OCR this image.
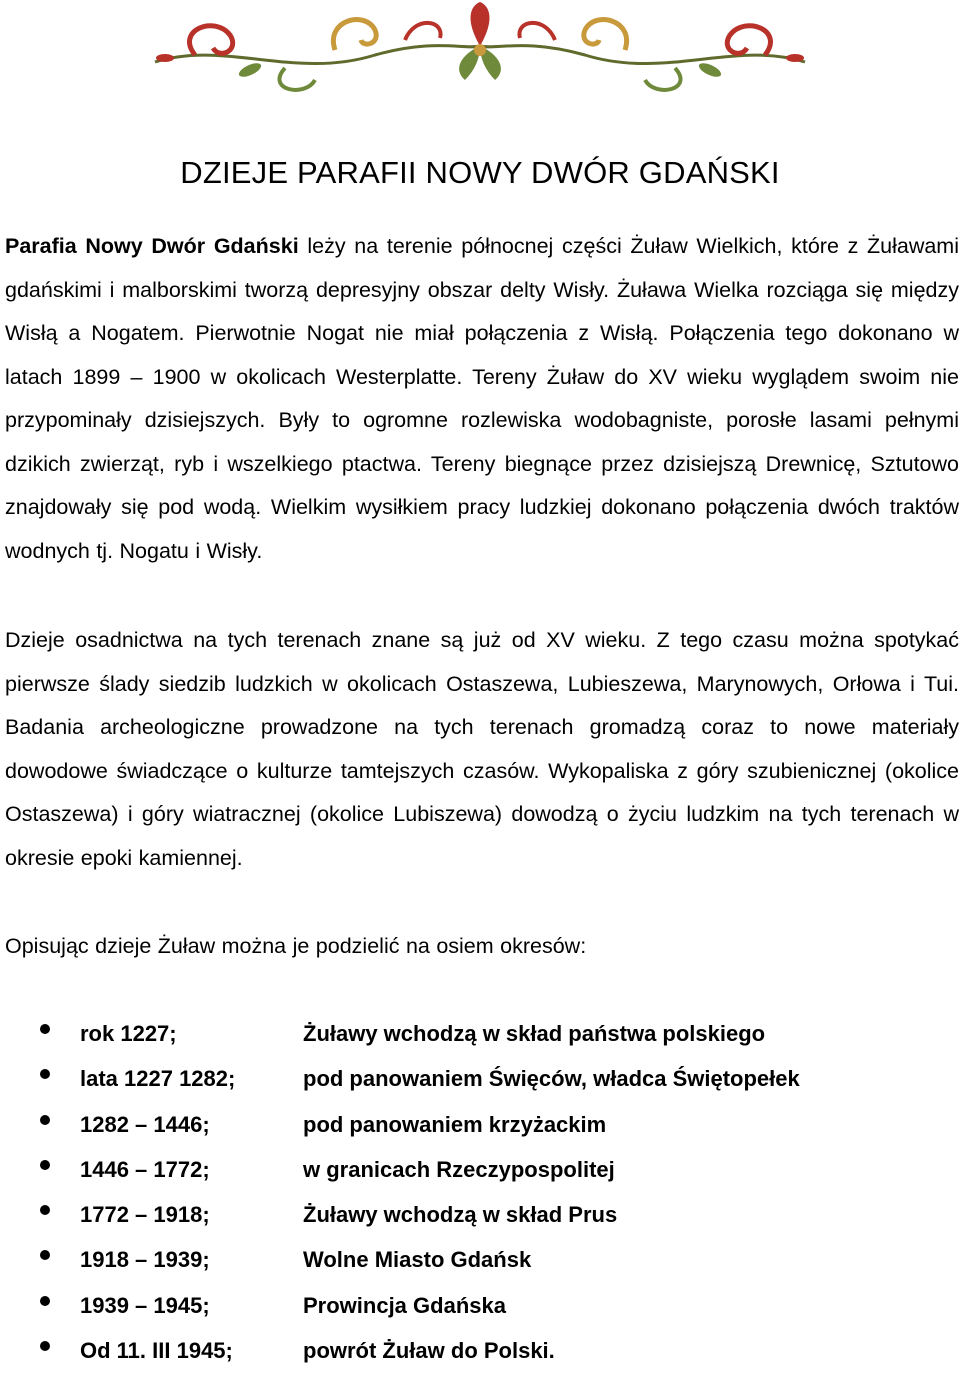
DZIEJE PARAFII NOWY DWÓR GDAŃSKI
Parafia Nowy Dwór Gdański leży na terenie północnej części Żuław Wielkich, które z Żuławami gdańskimi i malborskimi tworzą depresyjny obszar delty Wisły. Żuława Wielka rozciąga się między Wisłą a Nogatem. Pierwotnie Nogat nie miał połączenia z Wisłą. Połączenia tego dokonano w latach 1899 – 1900 w okolicach Westerplatte. Tereny Żuław do XV wieku wyglądem swoim nie przypominały dzisiejszych. Były to ogromne rozlewiska wodobagniste, porosłe lasami pełnymi dzikich zwierząt, ryb i wszelkiego ptactwa. Tereny biegnące przez dzisiejszą Drewnicę, Sztutowo znajdowały się pod wodą. Wielkim wysiłkiem pracy ludzkiej dokonano połączenia dwóch traktów wodnych tj. Nogatu i Wisły.
Dzieje osadnictwa na tych terenach znane są już od XV wieku. Z tego czasu można spotykać pierwsze ślady siedzib ludzkich w okolicach Ostaszewa, Lubieszewa, Marynowych, Orłowa i Tui. Badania archeologiczne prowadzone na tych terenach gromadzą coraz to nowe materiały dowodowe świadczące o kulturze tamtejszych czasów. Wykopaliska z góry szubienicznej (okolice Ostaszewa) i góry wiatracznej (okolice Lubiszewa) dowodzą o życiu ludzkim na tych terenach w okresie epoki kamiennej.
Opisując dzieje Żuław można je podzielić na osiem okresów:
rok 1227;	Żuławy wchodzą w skład państwa polskiego
lata 1227 1282;	pod panowaniem Święców, władca Świętopełek
1282 – 1446;	pod panowaniem krzyżackim
1446 – 1772;	w granicach Rzeczypospolitej
1772 – 1918;	Żuławy wchodzą w skład Prus
1918 – 1939;	Wolne Miasto Gdańsk
1939 – 1945;	Prowincja Gdańska
Od 11. III 1945;	powrót Żuław do Polski.
